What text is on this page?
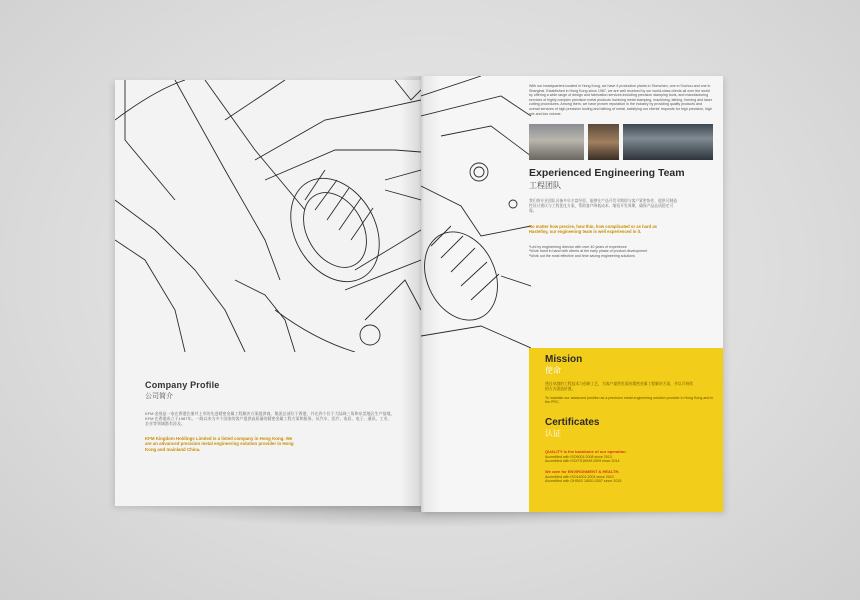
Company Profile
公司简介
KFM 金展是一家在香港注册并上市的先进精密金属工程解决方案提供商。集团总部位于香港，并在四个位于大陆珠三角和东莞地区生产基地，KFM 在香港成立于1987年。一路以来为多个国家的客户提供高质量的精密金属工程方案和服务，从汽车、医疗、家居、电子、通讯、工业、农业等领域都有涉及。
KFM Kingdom Holdings Limited is a listed company in Hong Kong. We are an advanced precision metal engineering solution provider in Hong Kong and mainland China.
With our headquarters located in Hong Kong, we have 4 production plants in Shenzhen, one in Suzhou and one in Shanghai. Established in Hong Kong since 1987, we are well received by our world-class clients all over the world by offering a wide range of design and fabrication services including precision stamping tools, and manufacturing services of highly complex precision metal products involving metal stamping, machining, lathing, forming and laser cutting procedures. Among them, we have proven reputation in the industry by providing quality products and overall services of high precision tooling and lathing of metal, satisfying our clients' requests for high precision, high mix and low volume.
Experienced Engineering Team
工程团队
我们的专业团队具备多年丰富经验，能够在产品开发早期即与客户紧密协作，提供可制造性设计建议与工程优化方案，帮助客户降低成本、缩短开发周期，确保产品品质稳定可靠。
No matter how precise, how thin, how complicated or as hard as Hastelloy, our engineering team is well experienced in it.
*Led by engineering director with over 40 years of experience
*Work hand in hand with clients at the early phase of product development
*Work out the most effective and time saving engineering solutions
Mission
使命
透过卓越的工程技术与创新工艺，为客户提供优质的精密金属工程解决方案，并以可持续的方式创造价值。
To maintain our advanced position as a precision metal engineering solution provider in Hong Kong and in the PRC.
Certificates
认证
QUALITY is the backbone of our operation.
Accredited with ISO9001:2008 since 2013
Accredited with ISO/TS16949:2009 since 2014
We care for ENVIRONMENT & HEALTH.
Accredited with ISO14001:2004 since 2012
Accredited with OHSAS 18001:2007 since 2015
